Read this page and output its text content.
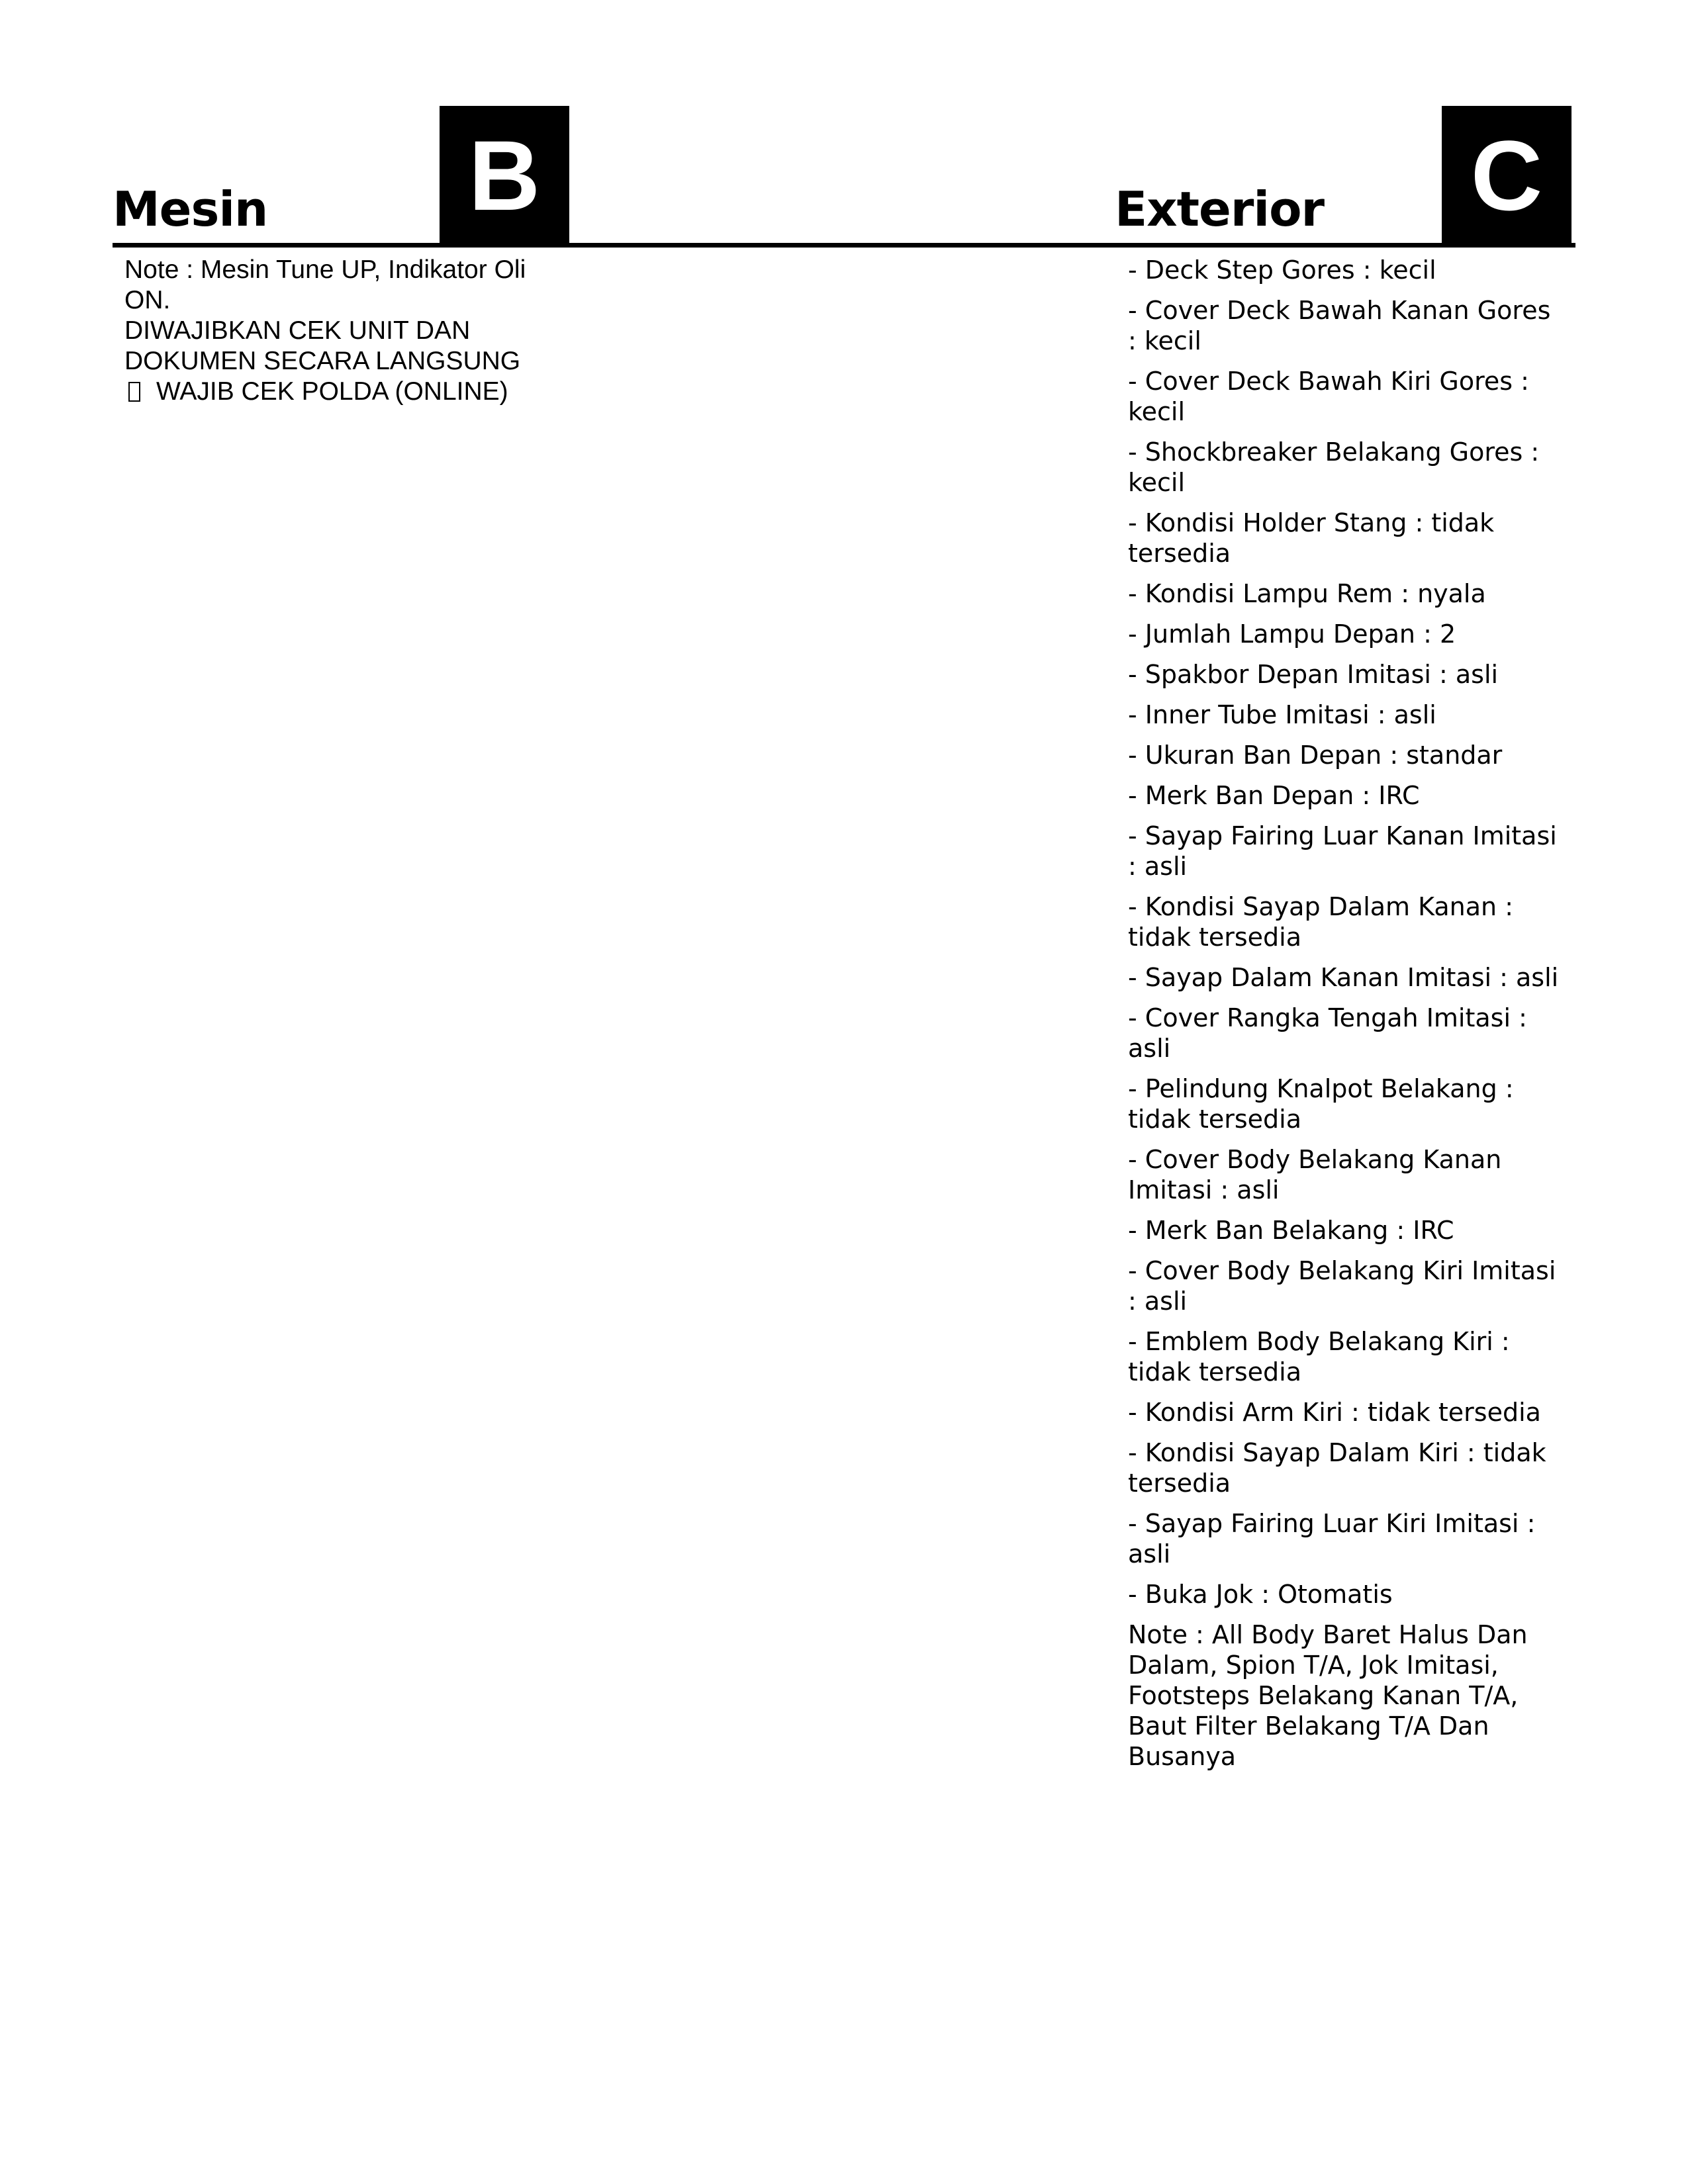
Mesin B	Exterior C
Note : Mesin Tune UP, Indikator Oli
ON.
DIWAJIBKAN CEK UNIT DAN
DOKUMEN SECARA LANGSUNG
WAJIB CEK POLDA (ONLINE)
- Deck Step Gores : kecil
- Cover Deck Bawah Kanan Gores : kecil
- Cover Deck Bawah Kiri Gores : kecil
- Shockbreaker Belakang Gores : kecil
- Kondisi Holder Stang : tidak tersedia
- Kondisi Lampu Rem : nyala
- Jumlah Lampu Depan : 2
- Spakbor Depan Imitasi : asli
- Inner Tube Imitasi : asli
- Ukuran Ban Depan : standar
- Merk Ban Depan : IRC
- Sayap Fairing Luar Kanan Imitasi : asli
- Kondisi Sayap Dalam Kanan : tidak tersedia
- Sayap Dalam Kanan Imitasi : asli
- Cover Rangka Tengah Imitasi : asli
- Pelindung Knalpot Belakang : tidak tersedia
- Cover Body Belakang Kanan Imitasi : asli
- Merk Ban Belakang : IRC
- Cover Body Belakang Kiri Imitasi : asli
- Emblem Body Belakang Kiri : tidak tersedia
- Kondisi Arm Kiri : tidak tersedia
- Kondisi Sayap Dalam Kiri : tidak tersedia
- Sayap Fairing Luar Kiri Imitasi : asli
- Buka Jok : Otomatis
Note : All Body Baret Halus Dan Dalam, Spion T/A, Jok Imitasi, Footsteps Belakang Kanan T/A, Baut Filter Belakang T/A Dan Busanya
